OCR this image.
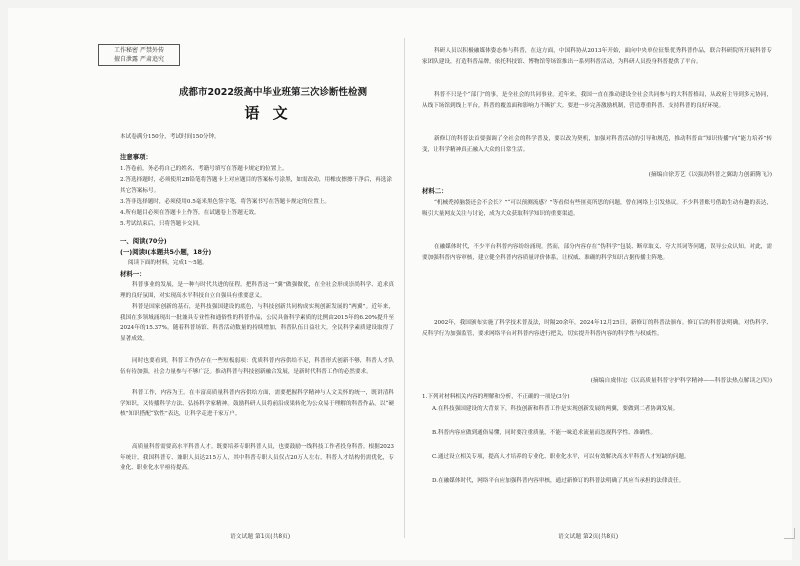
工作秘密 严禁外传
擅自泄露 严肃追究
成都市2022级高中毕业班第三次诊断性检测
语 文
本试卷满分150分，考试时间150分钟。
注意事项：
1.答卷前，务必将自己的姓名、考籍号填写在答题卡规定的位置上。
2.答选择题时，必须使用2B铅笔将答题卡上对应题目的答案标号涂黑，如需改动，用橡皮擦擦干净后，再选涂其它答案标号。
3.答非选择题时，必须使用0.5毫米黑色签字笔，将答案书写在答题卡规定的位置上。
4.所有题目必须在答题卡上作答，在试题卷上答题无效。
5.考试结束后，只将答题卡交回。
一、阅读(70分)
(一)阅读Ⅰ(本题共5小题，18分)
阅读下面的材料，完成1～5题。
材料一：
科普事业的发展，是一种与时代共进的征程。把科普这一“翼”做强做优，在全社会形成崇尚科学、追求真理的良好氛围，对实现高水平科技自立自强具有重要意义。
科普是国家创新的基石，是科技强国建设的底色，与科技创新共同构成实现创新发展的“两翼”。近年来，我国在多领域涌现出一批兼具专业性和通俗性的科普作品，公民具备科学素质的比例由2015年的6.20%提升至2024年的15.37%。随着科普场馆、科普活动数量的持续增加，科普队伍日益壮大，全民科学素质建设取得了显著成效。
同时也要看到，科普工作仍存在一些短板弱项：优质科普内容供给不足，科普形式创新不够，科普人才队伍有待加强，社会力量参与不够广泛。推动科普与科技创新融合发展，是新时代科普工作的必然要求。
科普工作，内容为王。在丰富高质量科普内容供给方面，需要把握科学精神与人文关怀的统一，既讲清科学知识，又传播科学方法、弘扬科学家精神。鼓励科研人员将前沿成果转化为公众易于理解的科普作品，以“硬核”知识搭配“软性”表达，让科学走进千家万户。
高质量科普需要高水平科普人才。既要培养专职科普人员，也要鼓励一线科技工作者投身科普。根据2023年统计，我国科普专、兼职人员达215万人，其中科普专职人员仅占20万人左右，科普人才结构仍需优化，专业化、职业化水平亟待提高。
语文试题 第1页(共8页)
科研人员以积极融媒体姿态参与科普，在这方面，中国科协从2013年开始，面向中央单位征集优秀科普作品，联合科研院所开展科普专家团队建设，打造科普品牌，依托科技馆、博物馆等场馆推出一系列科普活动，为科研人员投身科普提供了平台。
科普不只是个“部门”的事，是全社会的共同事业。近年来，我国一直在推动建设全社会共同参与的大科普格局，从政府主导到多元协同，从线下场馆到线上平台，科普的覆盖面和影响力不断扩大。要进一步完善激励机制，营造尊重科普、支持科普的良好环境。
新修订的科普法首要强调了全社会的科学普及，要以改为契机，加强对科普活动的引导和规范，推动科普由“知识传播”向“能力培养”转变，让科学精神真正融入大众的日常生活。
(摘编自徐芳艺《以强劲科普之翼助力创新腾飞》)
材料二：
“机械秃掉脑袋还会不会长？”“可以预测流感？”等看似有些匪夷所思的问题，曾在网络上引发热议。不少科普账号借助生动有趣的表达，吸引大量网友关注与讨论，成为大众获取科学知识的重要渠道。
在融媒体时代，不少平台科普内容纷纷涌现。然而，部分内容存在“伪科学”包装、断章取义、夸大其词等问题，误导公众认知。对此，需要加强科普内容审核，建立健全科普内容质量评价体系，让权威、准确的科学知识占据传播主阵地。
2002年，我国颁布实施了科学技术普及法，时隔20余年，2024年12月25日，新修订的科普法颁布。修订后的科普法明确，对伪科学、反科学行为加强监管，要求网络平台对科普内容进行把关，切实提升科普内容的科学性与权威性。
(摘编自虞伟宏《以高质量科普守护科学精神——科普法热点解读之四》)
1.下列对材料相关内容的理解和分析，不正确的一项是(3分)
A.在科技强国建设的大背景下，科技创新和科普工作是实现创新发展的两翼，要做到二者协调发展。
B.科普内容应做到通俗易懂，同时要注重质量，不能一味追求流量而忽视科学性、准确性。
C.通过设立相关专项，提高人才培养的专业化、职业化水平，可以有效解决高水平科普人才短缺的问题。
D.在融媒体时代，网络平台应加强科普内容审核，通过新修订的科普法明确了其应当承担的法律责任。
语文试题 第2页(共8页)
